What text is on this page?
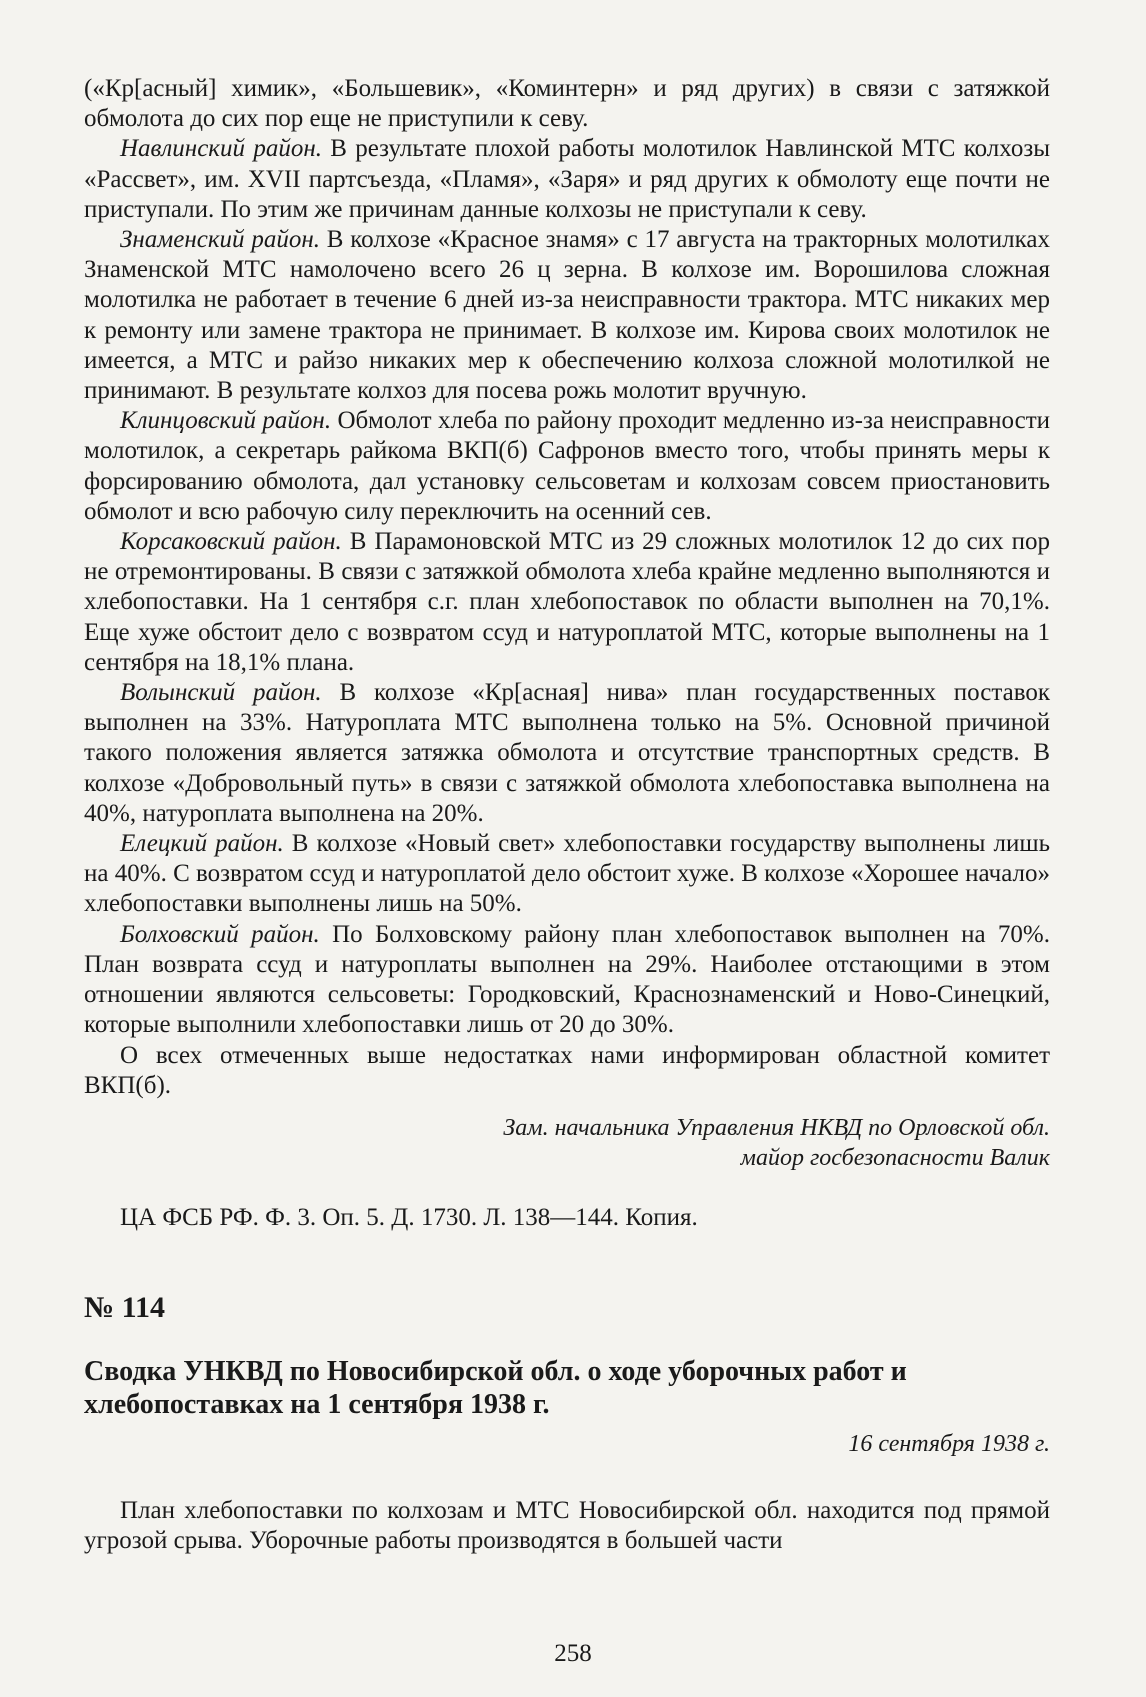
(«Кр[асный] химик», «Большевик», «Коминтерн» и ряд других) в связи с затяжкой обмолота до сих пор еще не приступили к севу.

Навлинский район. В результате плохой работы молотилок Навлинской МТС колхозы «Рассвет», им. XVII партсъезда, «Пламя», «Заря» и ряд других к обмолоту еще почти не приступали. По этим же причинам данные колхозы не приступали к севу.

Знаменский район. В колхозе «Красное знамя» с 17 августа на тракторных молотилках Знаменской МТС намолочено всего 26 ц зерна. В колхозе им. Ворошилова сложная молотилка не работает в течение 6 дней из-за неисправности трактора. МТС никаких мер к ремонту или замене трактора не принимает. В колхозе им. Кирова своих молотилок не имеется, а МТС и райзо никаких мер к обеспечению колхоза сложной молотилкой не принимают. В результате колхоз для посева рожь молотит вручную.

Клинцовский район. Обмолот хлеба по району проходит медленно из-за неисправности молотилок, а секретарь райкома ВКП(б) Сафронов вместо того, чтобы принять меры к форсированию обмолота, дал установку сельсоветам и колхозам совсем приостановить обмолот и всю рабочую силу переключить на осенний сев.

Корсаковский район. В Парамоновской МТС из 29 сложных молотилок 12 до сих пор не отремонтированы. В связи с затяжкой обмолота хлеба крайне медленно выполняются и хлебопоставки. На 1 сентября с.г. план хлебопоставок по области выполнен на 70,1%. Еще хуже обстоит дело с возвратом ссуд и натуроплатой МТС, которые выполнены на 1 сентября на 18,1% плана.

Волынский район. В колхозе «Кр[асная] нива» план государственных поставок выполнен на 33%. Натуроплата МТС выполнена только на 5%. Основной причиной такого положения является затяжка обмолота и отсутствие транспортных средств. В колхозе «Добровольный путь» в связи с затяжкой обмолота хлебопоставка выполнена на 40%, натуроплата выполнена на 20%.

Елецкий район. В колхозе «Новый свет» хлебопоставки государству выполнены лишь на 40%. С возвратом ссуд и натуроплатой дело обстоит хуже. В колхозе «Хорошее начало» хлебопоставки выполнены лишь на 50%.

Болховский район. По Болховскому району план хлебопоставок выполнен на 70%. План возврата ссуд и натуроплаты выполнен на 29%. Наиболее отстающими в этом отношении являются сельсоветы: Городковский, Краснознаменский и Ново-Синецкий, которые выполнили хлебопоставки лишь от 20 до 30%.

О всех отмеченных выше недостатках нами информирован областной комитет ВКП(б).

Зам. начальника Управления НКВД по Орловской обл.
майор госбезопасности Валик
ЦА ФСБ РФ. Ф. 3. Оп. 5. Д. 1730. Л. 138—144. Копия.
№ 114
Сводка УНКВД по Новосибирской обл. о ходе уборочных работ и хлебопоставках на 1 сентября 1938 г.
16 сентября 1938 г.

План хлебопоставки по колхозам и МТС Новосибирской обл. находится под прямой угрозой срыва. Уборочные работы производятся в большей части

258
